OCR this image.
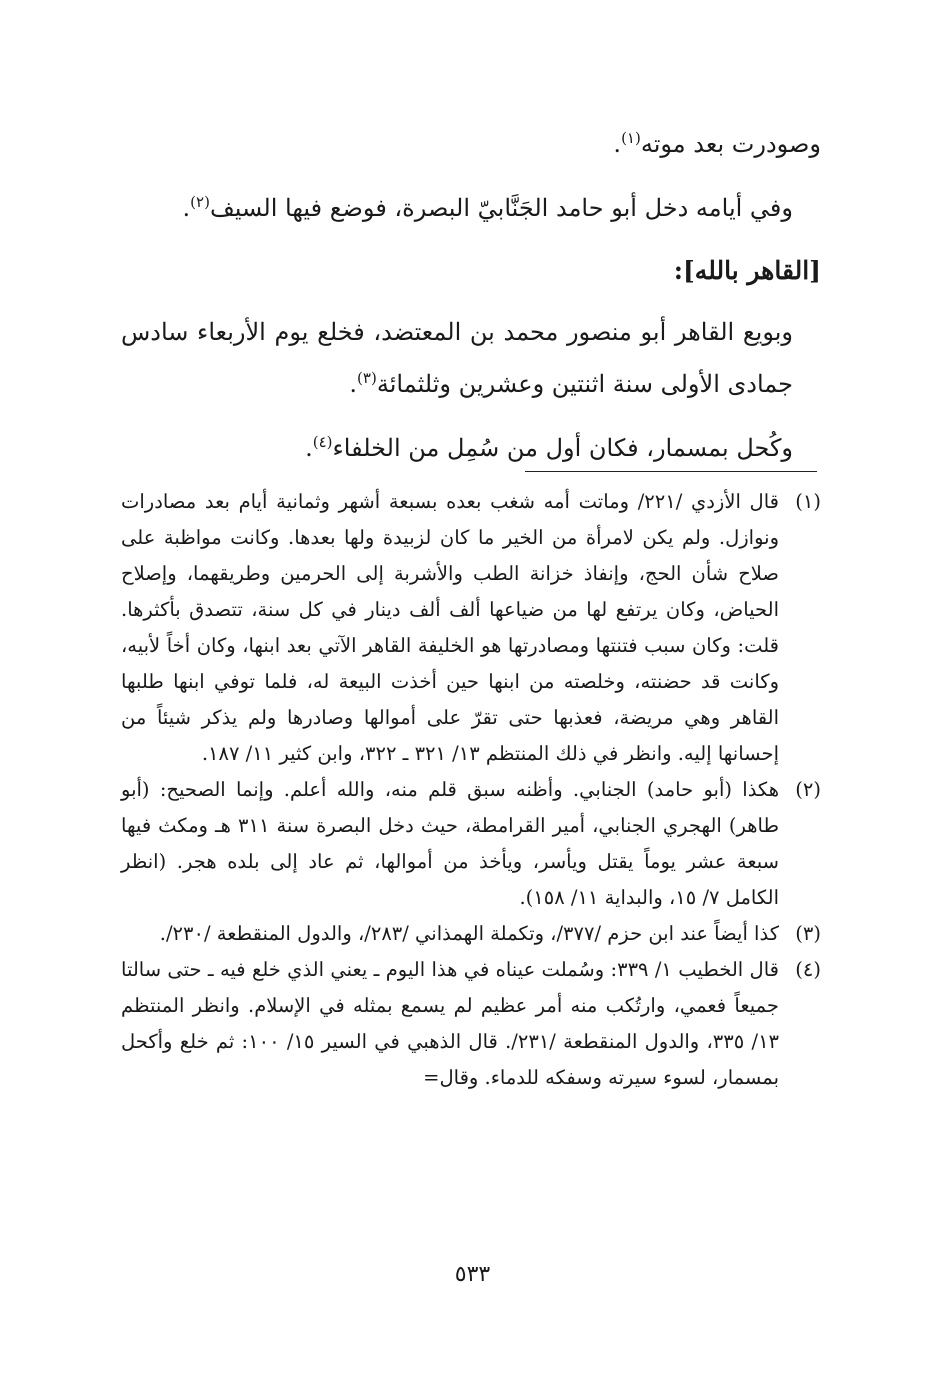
وصودرت بعد موته$^{(١)}$.

وفي أيامه دخل أبو حامد الجَنَّابيّ البصرة، فوضع فيها السيف$^{(٢)}$.

[القاهر بالله]:

وبويع القاهر أبو منصور محمد بن المعتضد، فخلع يوم الأربعاء سادس جمادى الأولى سنة اثنتين وعشرين وثلثمائة$^{(٣)}$.

وكُحل بمسمار، فكان أول من سُمِل من الخلفاء$^{(٤)}$.

(١)
قال الأزدي /٢٢١/ وماتت أمه شغب بعده بسبعة أشهر وثمانية أيام بعد مصادرات ونوازل. ولم يكن لامرأة من الخير ما كان لزبيدة ولها بعدها. وكانت مواظبة على صلاح شأن الحج، وإنفاذ خزانة الطب والأشربة إلى الحرمين وطريقهما، وإصلاح الحياض، وكان يرتفع لها من ضياعها ألف ألف دينار في كل سنة، تتصدق بأكثرها. قلت: وكان سبب فتنتها ومصادرتها هو الخليفة القاهر الآتي بعد ابنها، وكان أخاً لأبيه، وكانت قد حضنته، وخلصته من ابنها حين أخذت البيعة له، فلما توفي ابنها طلبها القاهر وهي مريضة، فعذبها حتى تقرّ على أموالها وصادرها ولم يذكر شيئاً من إحسانها إليه. وانظر في ذلك المنتظم ١٣/ ٣٢١ ـ ٣٢٢، وابن كثير ١١/ ١٨٧.
(٢)
هكذا (أبو حامد) الجنابي. وأظنه سبق قلم منه، والله أعلم. وإنما الصحيح: (أبو طاهر) الهجري الجنابي، أمير القرامطة، حيث دخل البصرة سنة ٣١١ هـ ومكث فيها سبعة عشر يوماً يقتل ويأسر، ويأخذ من أموالها، ثم عاد إلى بلده هجر. (انظر الكامل ٧/ ١٥، والبداية ١١/ ١٥٨).
(٣)
كذا أيضاً عند ابن حزم /٣٧٧/، وتكملة الهمذاني /٢٨٣/، والدول المنقطعة /٢٣٠/.
(٤)
قال الخطيب ١/ ٣٣٩: وسُملت عيناه في هذا اليوم ـ يعني الذي خلع فيه ـ حتى سالتا جميعاً فعمي، وارتُكب منه أمر عظيم لم يسمع بمثله في الإسلام. وانظر المنتظم ١٣/ ٣٣٥، والدول المنقطعة /٢٣١/. قال الذهبي في السير ١٥/ ١٠٠: ثم خلع وأكحل بمسمار، لسوء سيرته وسفكه للدماء. وقال=
٥٣٣
